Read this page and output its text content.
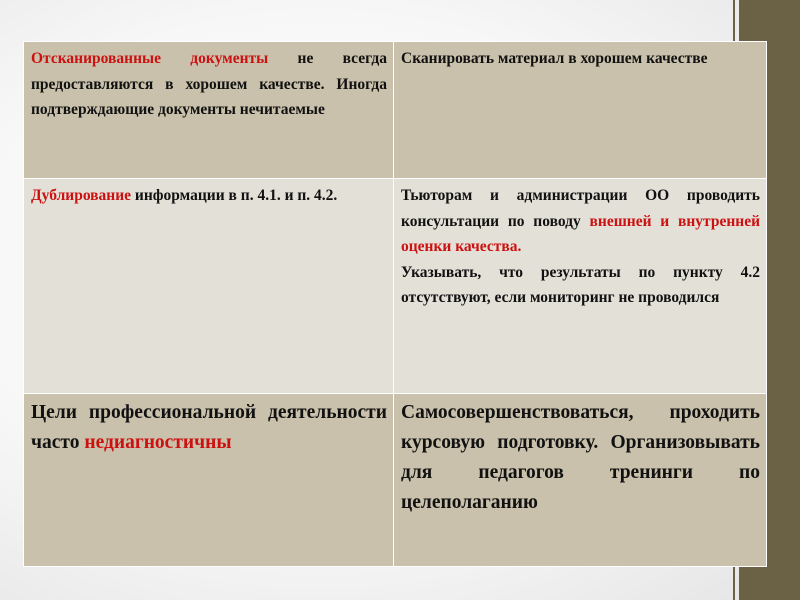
Отсканированные документы не всегда предоставляются в хорошем качестве. Иногда подтверждающие документы нечитаемые	Сканировать материал в хорошем качестве

Дублирование информации в п. 4.1. и п. 4.2.	Тьюторам и администрации ОО проводить консультации по поводу внешней и внутренней оценки качества.
Указывать, что результаты по пункту 4.2 отсутствуют, если мониторинг не проводился

Цели профессиональной деятельности часто недиагностичны	Самосовершенствоваться, проходить курсовую подготовку. Организовывать для педагогов тренинги по целеполаганию
